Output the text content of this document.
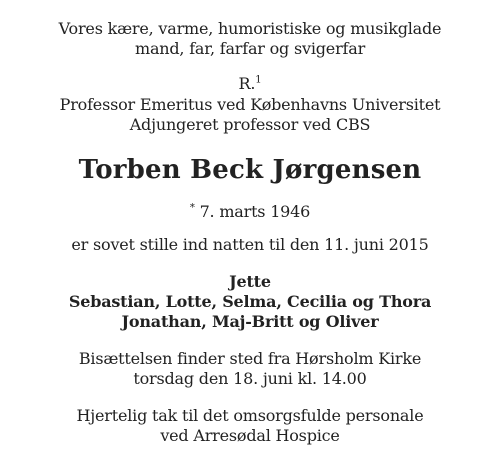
Vores kære, varme, humoristiske og musikglade
mand, far, farfar og svigerfar
R.$^1$
Professor Emeritus ved Københavns Universitet
Adjungeret professor ved CBS
Torben Beck Jørgensen
* 7. marts 1946
er sovet stille ind natten til den 11. juni 2015
Jette
Sebastian, Lotte, Selma, Cecilia og Thora
Jonathan, Maj-Britt og Oliver
Bisættelsen finder sted fra Hørsholm Kirke
torsdag den 18. juni kl. 14.00
Hjertelig tak til det omsorgsfulde personale
ved Arresødal Hospice
